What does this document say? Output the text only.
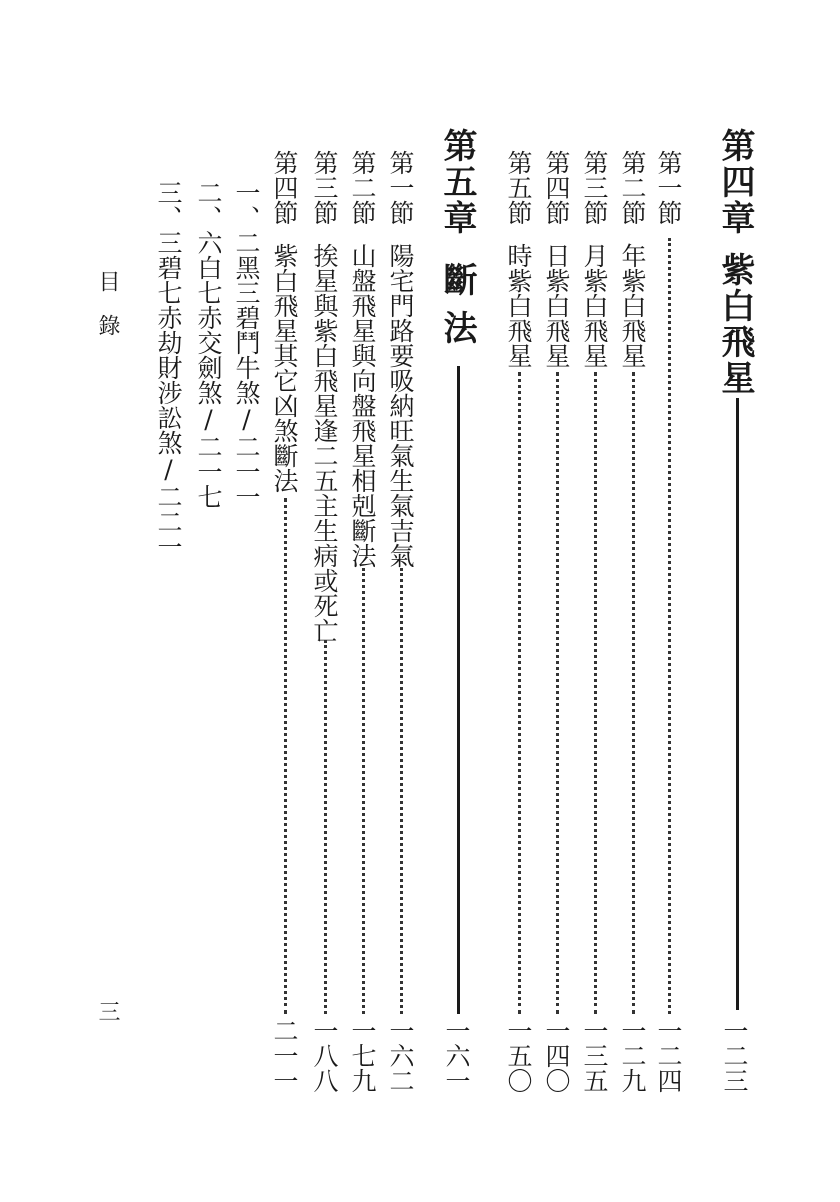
第四章
紫白飛星
一二三
第一節
一二四
第二節
年紫白飛星
一二九
第三節
月紫白飛星
一三五
第四節
日紫白飛星
一四〇
第五節
時紫白飛星
一五〇
第五章
斷法
一六一
第一節
陽宅門路要吸納旺氣生氣吉氣
一六二
第二節
山盤飛星與向盤飛星相剋斷法
一七九
第三節
挨星與紫白飛星逢二五主生病或死亡
一八八
第四節
紫白飛星其它凶煞斷法
二一一
一、二黑三碧鬥牛煞/二一一
二、六白七赤交劍煞/二一七
三、三碧七赤劫財涉訟煞/二二一
目錄
三
